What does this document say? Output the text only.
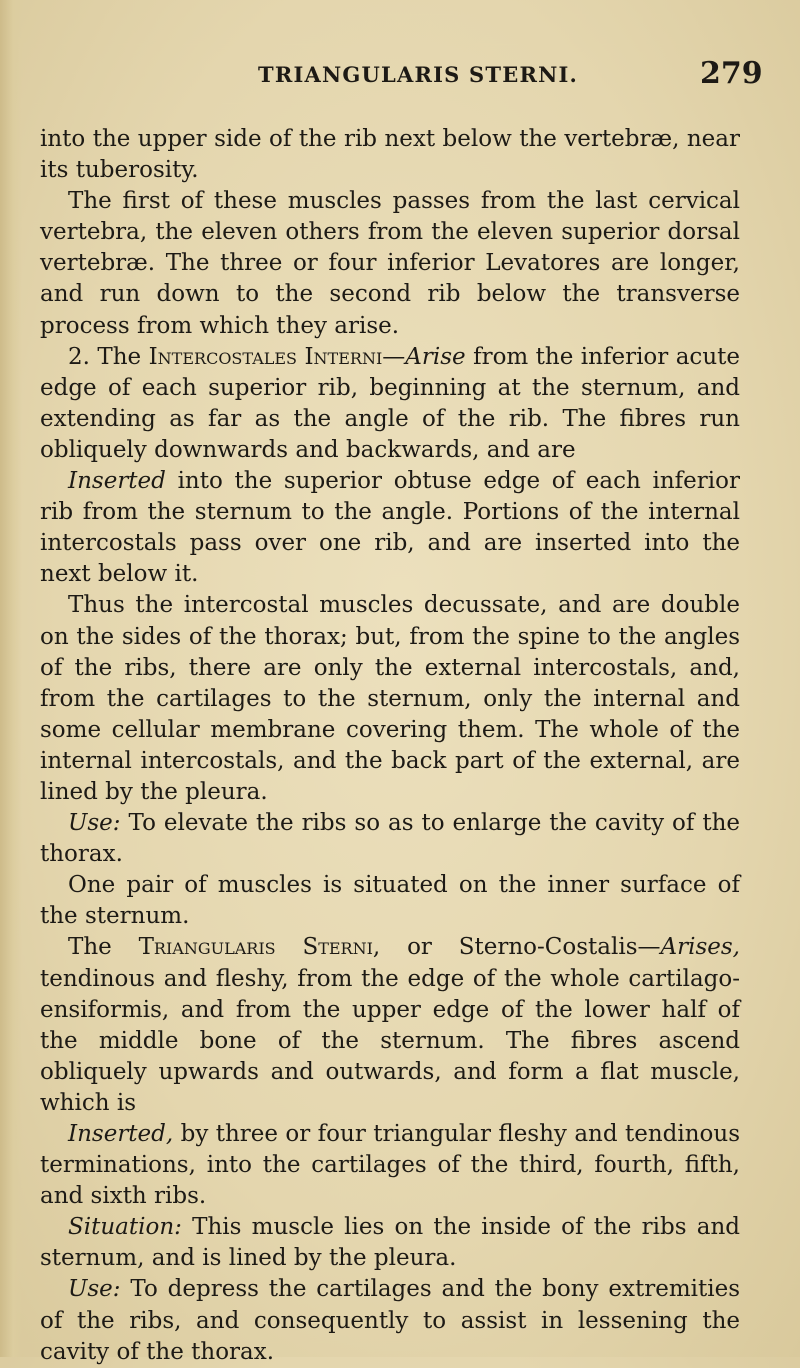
TRIANGULARIS STERNI.	279

into the upper side of the rib next below the vertebræ, near its tuberosity.

The first of these muscles passes from the last cervical vertebra, the eleven others from the eleven superior dorsal vertebræ. The three or four inferior Levatores are longer, and run down to the second rib below the transverse process from which they arise.

2. The Intercostales Interni—Arise from the inferior acute edge of each superior rib, beginning at the sternum, and extending as far as the angle of the rib. The fibres run obliquely downwards and backwards, and are

Inserted into the superior obtuse edge of each inferior rib from the sternum to the angle. Portions of the internal intercostals pass over one rib, and are inserted into the next below it.

Thus the intercostal muscles decussate, and are double on the sides of the thorax; but, from the spine to the angles of the ribs, there are only the external intercostals, and, from the cartilages to the sternum, only the internal and some cellular membrane covering them. The whole of the internal intercostals, and the back part of the external, are lined by the pleura.

Use: To elevate the ribs so as to enlarge the cavity of the thorax.

One pair of muscles is situated on the inner surface of the sternum.

The Triangularis Sterni, or Sterno-Costalis—Arises, tendinous and fleshy, from the edge of the whole cartilago-ensiformis, and from the upper edge of the lower half of the middle bone of the sternum. The fibres ascend obliquely upwards and outwards, and form a flat muscle, which is

Inserted, by three or four triangular fleshy and tendinous terminations, into the cartilages of the third, fourth, fifth, and sixth ribs.

Situation: This muscle lies on the inside of the ribs and sternum, and is lined by the pleura.

Use: To depress the cartilages and the bony extremities of the ribs, and consequently to assist in lessening the cavity of the thorax.
